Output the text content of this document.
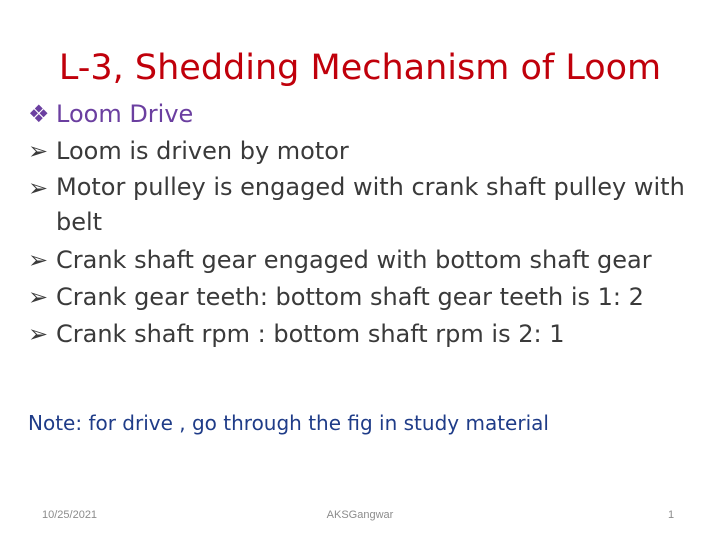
L-3, Shedding Mechanism of Loom
❖ Loom Drive
➢ Loom is driven by motor
➢ Motor pulley is engaged with crank shaft pulley with belt
➢ Crank shaft gear engaged with bottom shaft gear
➢ Crank gear teeth: bottom shaft gear teeth is 1: 2
➢ Crank shaft rpm : bottom shaft rpm is 2: 1
Note: for drive , go through the fig in study material
10/25/2021	AKSGangwar	1
